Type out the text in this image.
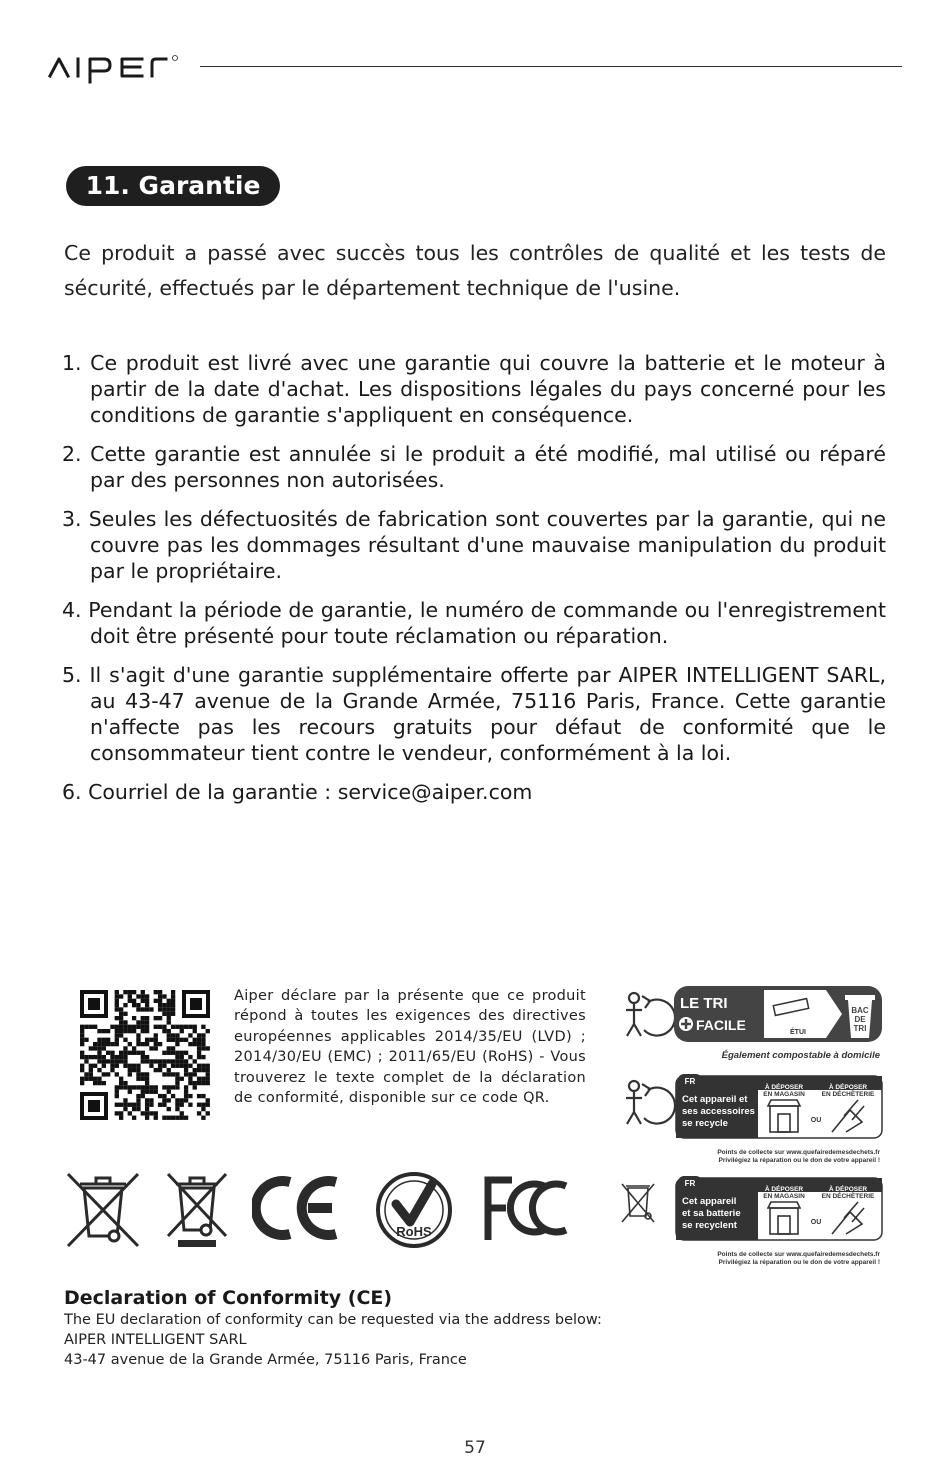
11. Garantie
Ce produit a passé avec succès tous les contrôles de qualité et les tests de sécurité, effectués par le département technique de l'usine.
1. Ce produit est livré avec une garantie qui couvre la batterie et le moteur à partir de la date d'achat. Les dispositions légales du pays concerné pour les conditions de garantie s'appliquent en conséquence.
2. Cette garantie est annulée si le produit a été modifié, mal utilisé ou réparé par des personnes non autorisées.
3. Seules les défectuosités de fabrication sont couvertes par la garantie, qui ne couvre pas les dommages résultant d'une mauvaise manipulation du produit par le propriétaire.
4. Pendant la période de garantie, le numéro de commande ou l'enregistrement doit être présenté pour toute réclamation ou réparation.
5. Il s'agit d'une garantie supplémentaire offerte par AIPER INTELLIGENT SARL, au 43-47 avenue de la Grande Armée, 75116 Paris, France. Cette garantie n'affecte pas les recours gratuits pour défaut de conformité que le consommateur tient contre le vendeur, conformément à la loi.
6. Courriel de la garantie : service@aiper.com
Aiper déclare par la présente que ce produit répond à toutes les exigences des directives européennes applicables 2014/35/EU (LVD) ; 2014/30/EU (EMC) ; 2011/65/EU (RoHS) - Vous trouverez le texte complet de la déclaration de conformité, disponible sur ce code QR.
ÉTUI
LE TRI
FACILE
BAC
DE
TRI
Également compostable à domicile
FR
Cet appareil et
ses accessoires
se recycle
À DÉPOSER
EN MAGASIN
À DÉPOSER
EN DÉCHÈTERIE
OU
Points de collecte sur www.quefairedemesdechets.fr
Privilégiez la réparation ou le don de votre appareil !
FR
Cet appareil
et sa batterie
se recyclent
À DÉPOSER
EN MAGASIN
À DÉPOSER
EN DÉCHÈTERIE
OU
Points de collecte sur www.quefairedemesdechets.fr
Privilégiez la réparation ou le don de votre appareil !
RoHS
Declaration of Conformity (CE)
The EU declaration of conformity can be requested via the address below:
AIPER INTELLIGENT SARL
43-47 avenue de la Grande Armée, 75116 Paris, France
57
